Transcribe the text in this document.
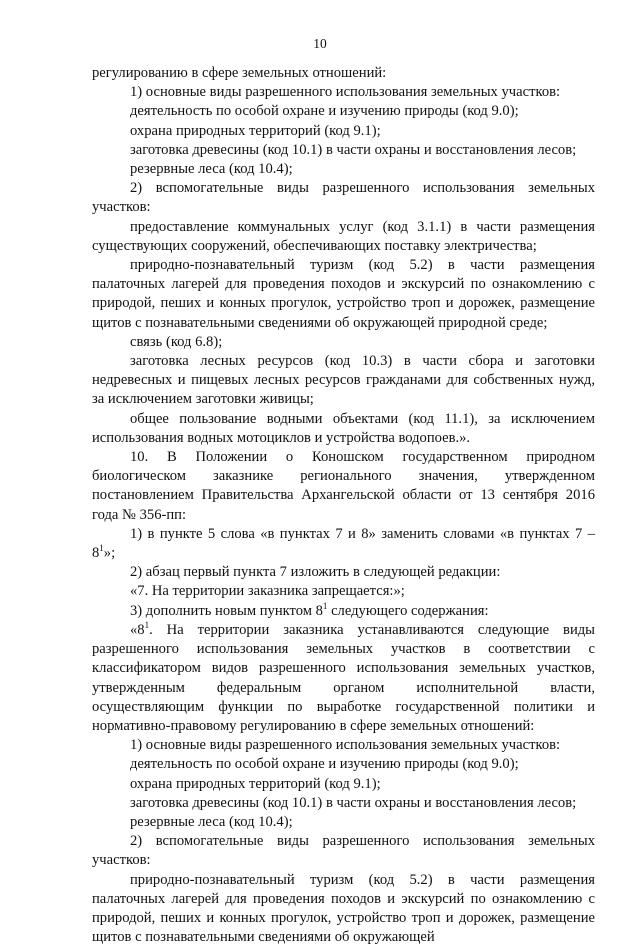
10
регулированию в сфере земельных отношений:
1) основные виды разрешенного использования земельных участков:
деятельность по особой охране и изучению природы (код 9.0);
охрана природных территорий (код 9.1);
заготовка древесины (код 10.1) в части охраны и восстановления лесов;
резервные леса (код 10.4);
2) вспомогательные виды разрешенного использования земельных участков:
предоставление коммунальных услуг (код 3.1.1) в части размещения существующих сооружений, обеспечивающих поставку электричества;
природно-познавательный туризм (код 5.2) в части размещения палаточных лагерей для проведения походов и экскурсий по ознакомлению с природой, пеших и конных прогулок, устройство троп и дорожек, размещение щитов с познавательными сведениями об окружающей природной среде;
связь (код 6.8);
заготовка лесных ресурсов (код 10.3) в части сбора и заготовки недревесных и пищевых лесных ресурсов гражданами для собственных нужд, за исключением заготовки живицы;
общее пользование водными объектами (код 11.1), за исключением использования водных мотоциклов и устройства водопоев.».
10. В Положении о Коношском государственном природном биологическом заказнике регионального значения, утвержденном постановлением Правительства Архангельской области от 13 сентября 2016 года № 356-пп:
1) в пункте 5 слова «в пунктах 7 и 8» заменить словами «в пунктах $7 - 8^1$»;
2) абзац первый пункта 7 изложить в следующей редакции:
«7. На территории заказника запрещается:»;
3) дополнить новым пунктом $8^1$ следующего содержания:
«$8^1$. На территории заказника устанавливаются следующие виды разрешенного использования земельных участков в соответствии с классификатором видов разрешенного использования земельных участков, утвержденным федеральным органом исполнительной власти, осуществляющим функции по выработке государственной политики и нормативно-правовому регулированию в сфере земельных отношений:
1) основные виды разрешенного использования земельных участков:
деятельность по особой охране и изучению природы (код 9.0);
охрана природных территорий (код 9.1);
заготовка древесины (код 10.1) в части охраны и восстановления лесов;
резервные леса (код 10.4);
2) вспомогательные виды разрешенного использования земельных участков:
природно-познавательный туризм (код 5.2) в части размещения палаточных лагерей для проведения походов и экскурсий по ознакомлению с природой, пеших и конных прогулок, устройство троп и дорожек, размещение щитов с познавательными сведениями об окружающей
